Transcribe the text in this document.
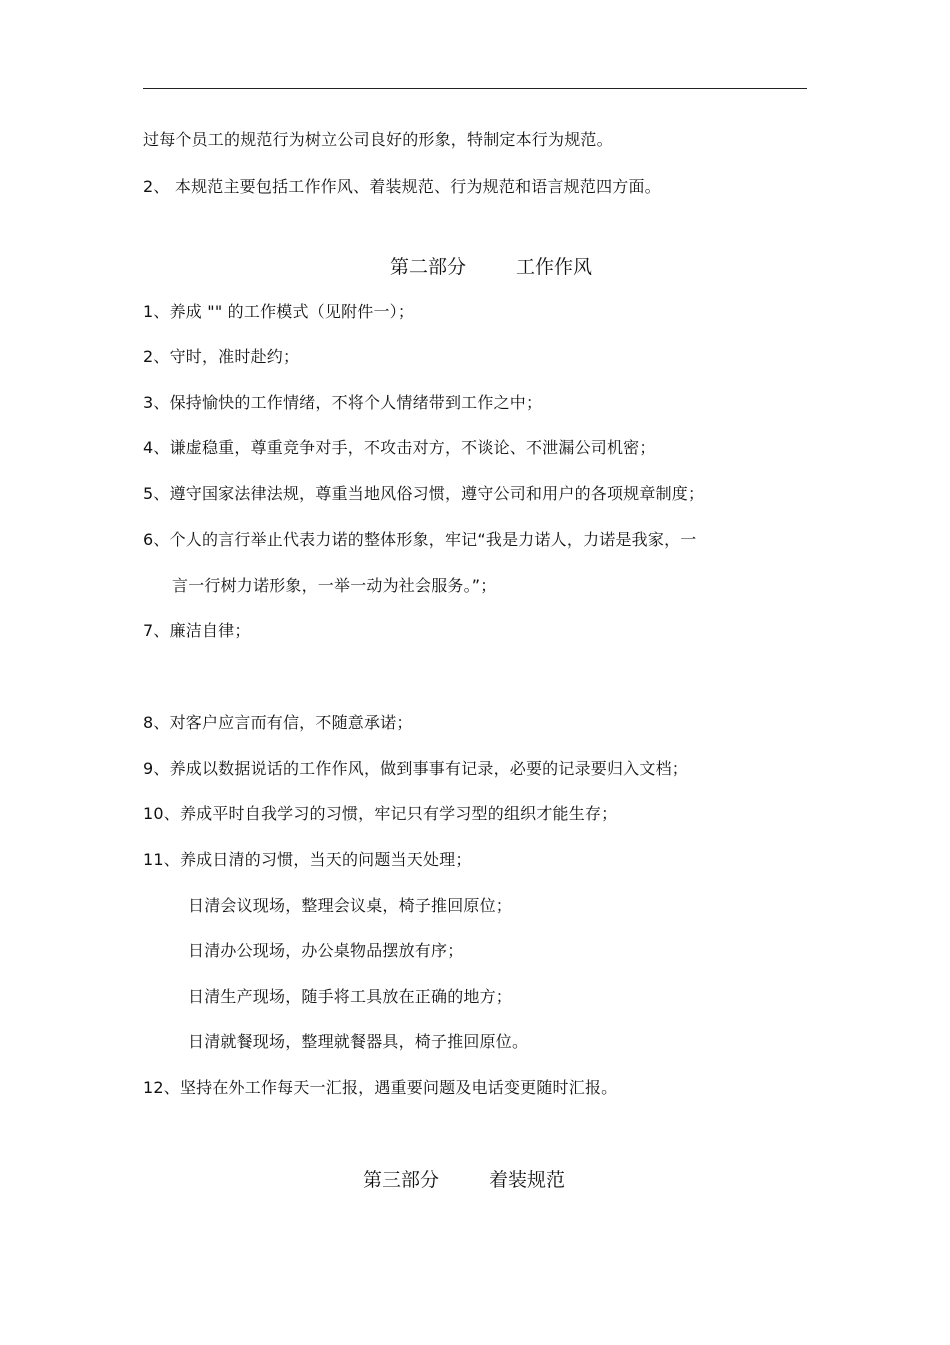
过每个员工的规范行为树立公司良好的形象，特制定本行为规范。
2、 本规范主要包括工作作风、着装规范、行为规范和语言规范四方面。
第二部分	工作作风
1、养成 "" 的工作模式（见附件一）；
2、守时，准时赴约；
3、保持愉快的工作情绪，不将个人情绪带到工作之中；
4、谦虚稳重，尊重竞争对手，不攻击对方，不谈论、不泄漏公司机密；
5、遵守国家法律法规，尊重当地风俗习惯，遵守公司和用户的各项规章制度；
6、个人的言行举止代表力诺的整体形象，牢记“我是力诺人，力诺是我家，一
言一行树力诺形象，一举一动为社会服务。”；
7、廉洁自律；
8、对客户应言而有信，不随意承诺；
9、养成以数据说话的工作作风，做到事事有记录，必要的记录要归入文档；
10、养成平时自我学习的习惯，牢记只有学习型的组织才能生存；
11、养成日清的习惯，当天的问题当天处理；
日清会议现场，整理会议桌，椅子推回原位；
日清办公现场，办公桌物品摆放有序；
日清生产现场，随手将工具放在正确的地方；
日清就餐现场，整理就餐器具，椅子推回原位。
12、坚持在外工作每天一汇报，遇重要问题及电话变更随时汇报。
第三部分	着装规范
